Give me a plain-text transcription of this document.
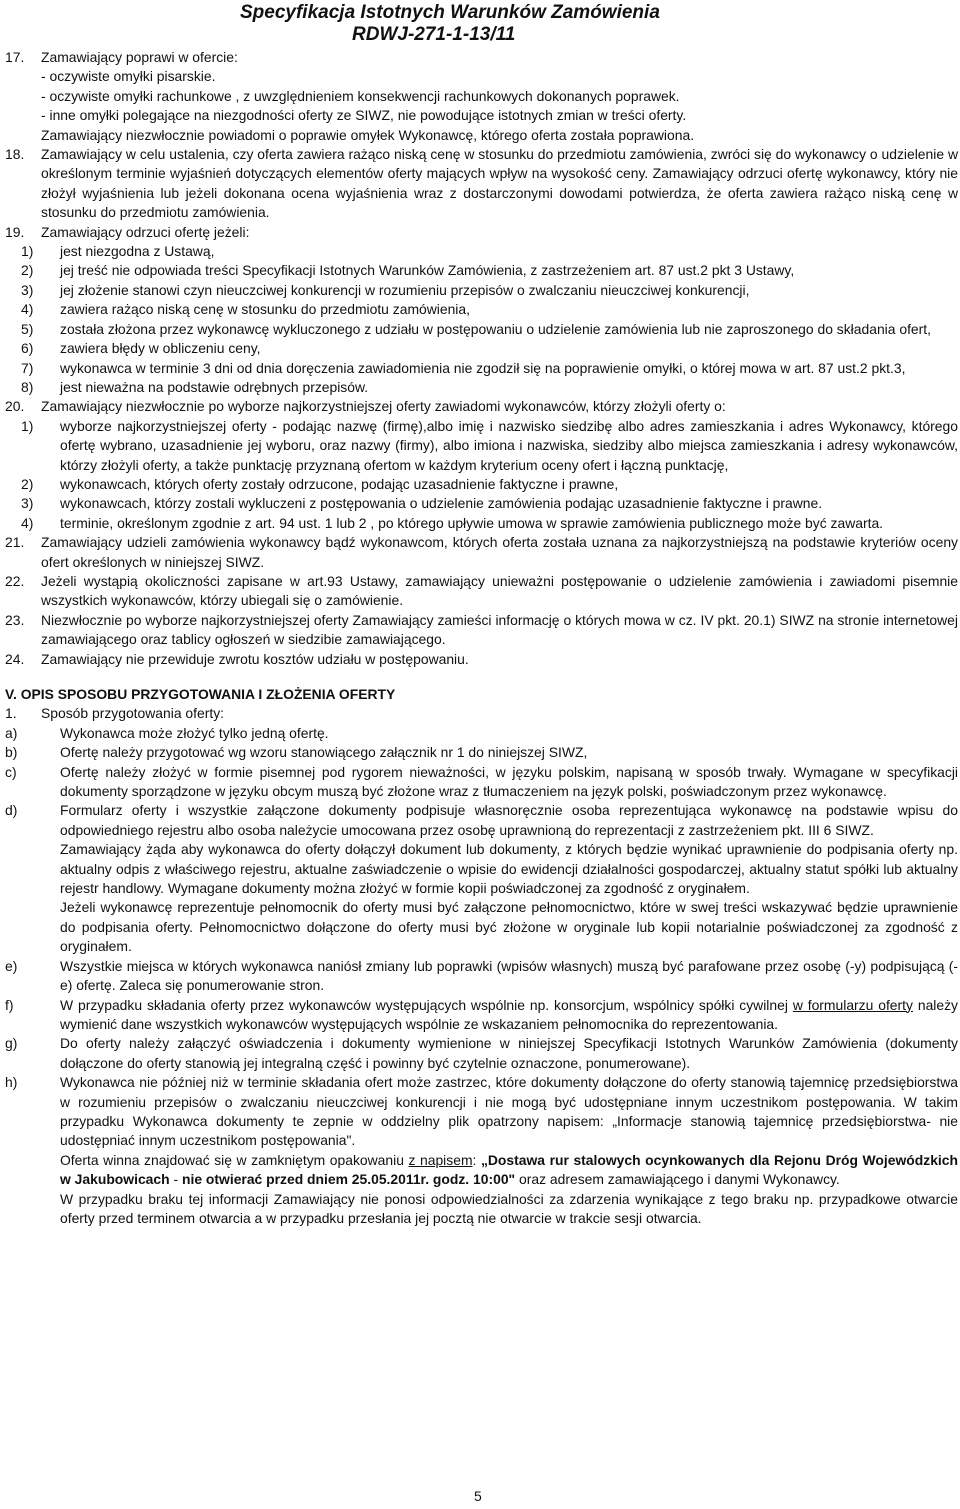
Specyfikacja Istotnych Warunków Zamówienia
RDWJ-271-1-13/11
17. Zamawiający poprawi w ofercie:
- oczywiste omyłki pisarskie.
- oczywiste omyłki rachunkowe , z uwzględnieniem konsekwencji rachunkowych dokonanych poprawek.
- inne omyłki polegające na niezgodności oferty ze SIWZ, nie powodujące istotnych zmian w treści oferty.
Zamawiający niezwłocznie powiadomi o poprawie omyłek Wykonawcę, którego oferta została poprawiona.
18. Zamawiający w celu ustalenia, czy oferta zawiera rażąco niską cenę w stosunku do przedmiotu zamówienia, zwróci się do wykonawcy o udzielenie w określonym terminie wyjaśnień dotyczących elementów oferty mających wpływ na wysokość ceny. Zamawiający odrzuci ofertę wykonawcy, który nie złożył wyjaśnienia lub jeżeli dokonana ocena wyjaśnienia wraz z dostarczonymi dowodami potwierdza, że oferta zawiera rażąco niską cenę w stosunku do przedmiotu zamówienia.
19. Zamawiający odrzuci ofertę jeżeli:
1)	jest niezgodna z Ustawą,
2)	jej treść nie odpowiada treści Specyfikacji Istotnych Warunków Zamówienia, z zastrzeżeniem art. 87 ust.2 pkt 3 Ustawy,
3)	jej złożenie stanowi czyn nieuczciwej konkurencji w rozumieniu przepisów o zwalczaniu nieuczciwej konkurencji,
4)	zawiera rażąco niską cenę w stosunku do przedmiotu zamówienia,
5)	została złożona przez wykonawcę wykluczonego z udziału w postępowaniu o udzielenie zamówienia lub nie zaproszonego do składania ofert,
6)	zawiera błędy w obliczeniu ceny,
7)	wykonawca w terminie 3 dni od dnia doręczenia zawiadomienia nie zgodził się na poprawienie omyłki, o której mowa w art. 87 ust.2 pkt.3,
8)	jest nieważna na podstawie odrębnych przepisów.
20. Zamawiający niezwłocznie po wyborze najkorzystniejszej oferty zawiadomi wykonawców, którzy złożyli oferty o:
1)	wyborze najkorzystniejszej oferty - podając nazwę (firmę),albo imię i nazwisko siedzibę albo adres zamieszkania i adres Wykonawcy, którego ofertę wybrano, uzasadnienie jej wyboru, oraz nazwy (firmy), albo imiona i nazwiska, siedziby albo miejsca zamieszkania i adresy wykonawców, którzy złożyli oferty, a także punktację przyznaną ofertom w każdym kryterium oceny ofert i łączną punktację,
2)	wykonawcach, których oferty zostały odrzucone, podając uzasadnienie faktyczne i prawne,
3)	wykonawcach, którzy zostali wykluczeni z postępowania o udzielenie zamówienia podając uzasadnienie faktyczne i prawne.
4)	terminie, określonym zgodnie z art. 94 ust. 1 lub 2 , po którego upływie umowa w sprawie zamówienia publicznego może być zawarta.
21. Zamawiający udzieli zamówienia wykonawcy bądź wykonawcom, których oferta została uznana za najkorzystniejszą na podstawie kryteriów oceny ofert określonych w niniejszej SIWZ.
22. Jeżeli wystąpią okoliczności zapisane w art.93 Ustawy, zamawiający unieważni postępowanie o udzielenie zamówienia i zawiadomi pisemnie wszystkich wykonawców, którzy ubiegali się o zamówienie.
23. Niezwłocznie po wyborze najkorzystniejszej oferty Zamawiający zamieści informację o których mowa w cz. IV pkt. 20.1) SIWZ na stronie internetowej zamawiającego oraz tablicy ogłoszeń w siedzibie zamawiającego.
24. Zamawiający nie przewiduje zwrotu kosztów udziału w postępowaniu.
V. OPIS SPOSOBU PRZYGOTOWANIA I ZŁOŻENIA OFERTY
1. Sposób przygotowania oferty:
a)	Wykonawca może złożyć tylko jedną ofertę.
b)	Ofertę należy przygotować wg wzoru stanowiącego załącznik nr 1 do niniejszej SIWZ,
c)	Ofertę należy złożyć w formie pisemnej pod rygorem nieważności, w języku polskim, napisaną w sposób trwały. Wymagane w specyfikacji dokumenty sporządzone w języku obcym muszą być złożone wraz z tłumaczeniem na język polski, poświadczonym przez wykonawcę.
d)	Formularz oferty i wszystkie załączone dokumenty podpisuje własnoręcznie osoba reprezentująca wykonawcę na podstawie wpisu do odpowiedniego rejestru albo osoba należycie umocowana przez osobę uprawnioną do reprezentacji z zastrzeżeniem pkt. III 6 SIWZ.
Zamawiający żąda aby wykonawca do oferty dołączył dokument lub dokumenty, z których będzie wynikać uprawnienie do podpisania oferty np. aktualny odpis z właściwego rejestru, aktualne zaświadczenie o wpisie do ewidencji działalności gospodarczej, aktualny statut spółki lub aktualny rejestr handlowy. Wymagane dokumenty można złożyć w formie kopii poświadczonej za zgodność z oryginałem.
Jeżeli wykonawcę reprezentuje pełnomocnik do oferty musi być załączone pełnomocnictwo, które w swej treści wskazywać będzie uprawnienie do podpisania oferty. Pełnomocnictwo dołączone do oferty musi być złożone w oryginale lub kopii notarialnie poświadczonej za zgodność z oryginałem.
e)	Wszystkie miejsca w których wykonawca naniósł zmiany lub poprawki (wpisów własnych) muszą być parafowane przez osobę (-y) podpisującą (-e) ofertę. Zaleca się ponumerowanie stron.
f)	W przypadku składania oferty przez wykonawców występujących wspólnie np. konsorcjum, wspólnicy spółki cywilnej w formularzu oferty należy wymienić dane wszystkich wykonawców występujących wspólnie ze wskazaniem pełnomocnika do reprezentowania.
g)	Do oferty należy załączyć oświadczenia i dokumenty wymienione w niniejszej Specyfikacji Istotnych Warunków Zamówienia (dokumenty dołączone do oferty stanowią jej integralną część i powinny być czytelnie oznaczone, ponumerowane).
h)	Wykonawca nie później niż w terminie składania ofert może zastrzec, które dokumenty dołączone do oferty stanowią tajemnicę przedsiębiorstwa w rozumieniu przepisów o zwalczaniu nieuczciwej konkurencji i nie mogą być udostępniane innym uczestnikom postępowania. W takim przypadku Wykonawca dokumenty te zepnie w oddzielny plik opatrzony napisem: „Informacje stanowią tajemnicę przedsiębiorstwa- nie udostępniać innym uczestnikom postępowania".
Oferta winna znajdować się w zamkniętym opakowaniu z napisem: „Dostawa rur stalowych ocynkowanych dla Rejonu Dróg Wojewódzkich w Jakubowicach - nie otwierać przed dniem 25.05.2011r. godz. 10:00" oraz adresem zamawiającego i danymi Wykonawcy.
W przypadku braku tej informacji Zamawiający nie ponosi odpowiedzialności za zdarzenia wynikające z tego braku np. przypadkowe otwarcie oferty przed terminem otwarcia a w przypadku przesłania jej pocztą nie otwarcie w trakcie sesji otwarcia.
5
